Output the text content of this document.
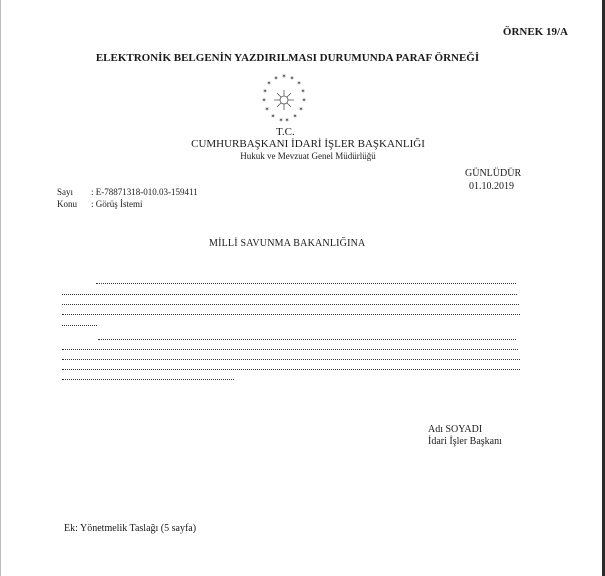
ÖRNEK 19/A
ELEKTRONİK BELGENİN YAZDIRILMASI DURUMUNDA PARAF ÖRNEĞİ
✶ ✶
✶
✶
✶
✶
✶
✶
✶
✶
✶
✶
✶
✶
✶
T.C.
CUMHURBAŞKANI İDARİ İŞLER BAŞKANLIĞI
Hukuk ve Mevzuat Genel Müdürlüğü
GÜNLÜDÜR
01.10.2019
Sayı : E-78871318-010.03-159411
Konu : Görüş İstemi
MİLLİ SAVUNMA BAKANLIĞINA
Adı SOYADI
İdari İşler Başkanı
Ek: Yönetmelik Taslağı (5 sayfa)
